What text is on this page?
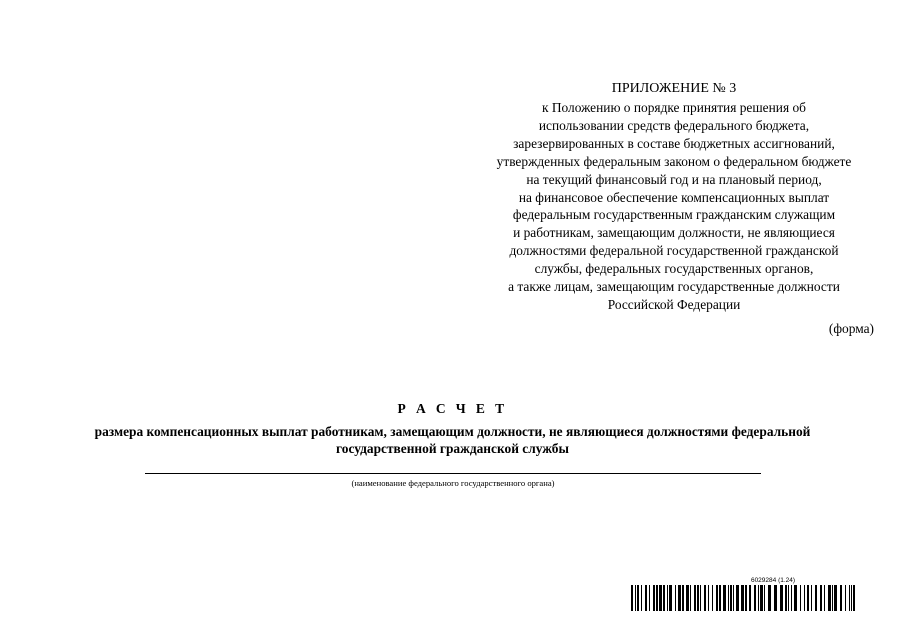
ПРИЛОЖЕНИЕ № 3
к Положению о порядке принятия решения об
использовании средств федерального бюджета,
зарезервированных в составе бюджетных ассигнований,
утвержденных федеральным законом о федеральном бюджете
на текущий финансовый год и на плановый период,
на финансовое обеспечение компенсационных выплат
федеральным государственным гражданским служащим
и работникам, замещающим должности, не являющиеся
должностями федеральной государственной гражданской
службы, федеральных государственных органов,
а также лицам, замещающим государственные должности
Российской Федерации
(форма)
Р А С Ч Е Т
размера компенсационных выплат работникам, замещающим должности, не являющиеся должностями федеральной
государственной гражданской службы
(наименование федерального государственного органа)
6029284 (1.24)
